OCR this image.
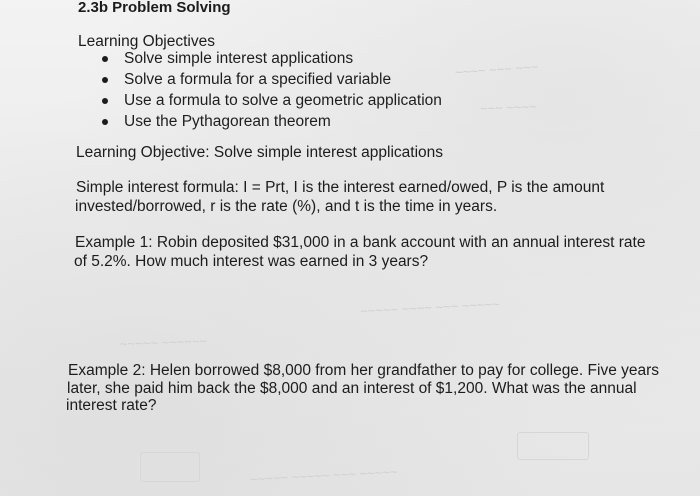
~~~~ ~~~ ~~~
~~~ ~~~~
~~~~~ ~~~~ ~~~ ~~~~~
~~~~~ ~~~~~~
~~~~~ ~~~~~ ~~~ ~~~~~
2.3b Problem Solving
Learning Objectives
Solve simple interest applications
Solve a formula for a specified variable
Use a formula to solve a geometric application
Use the Pythagorean theorem
Learning Objective: Solve simple interest applications
Simple interest formula: I = Prt, I is the interest earned/owed, P is the amount
invested/borrowed, r is the rate (%), and t is the time in years.
Example 1: Robin deposited $31,000 in a bank account with an annual interest rate
of 5.2%. How much interest was earned in 3 years?
Example 2: Helen borrowed $8,000 from her grandfather to pay for college. Five years
later, she paid him back the $8,000 and an interest of $1,200. What was the annual
interest rate?
